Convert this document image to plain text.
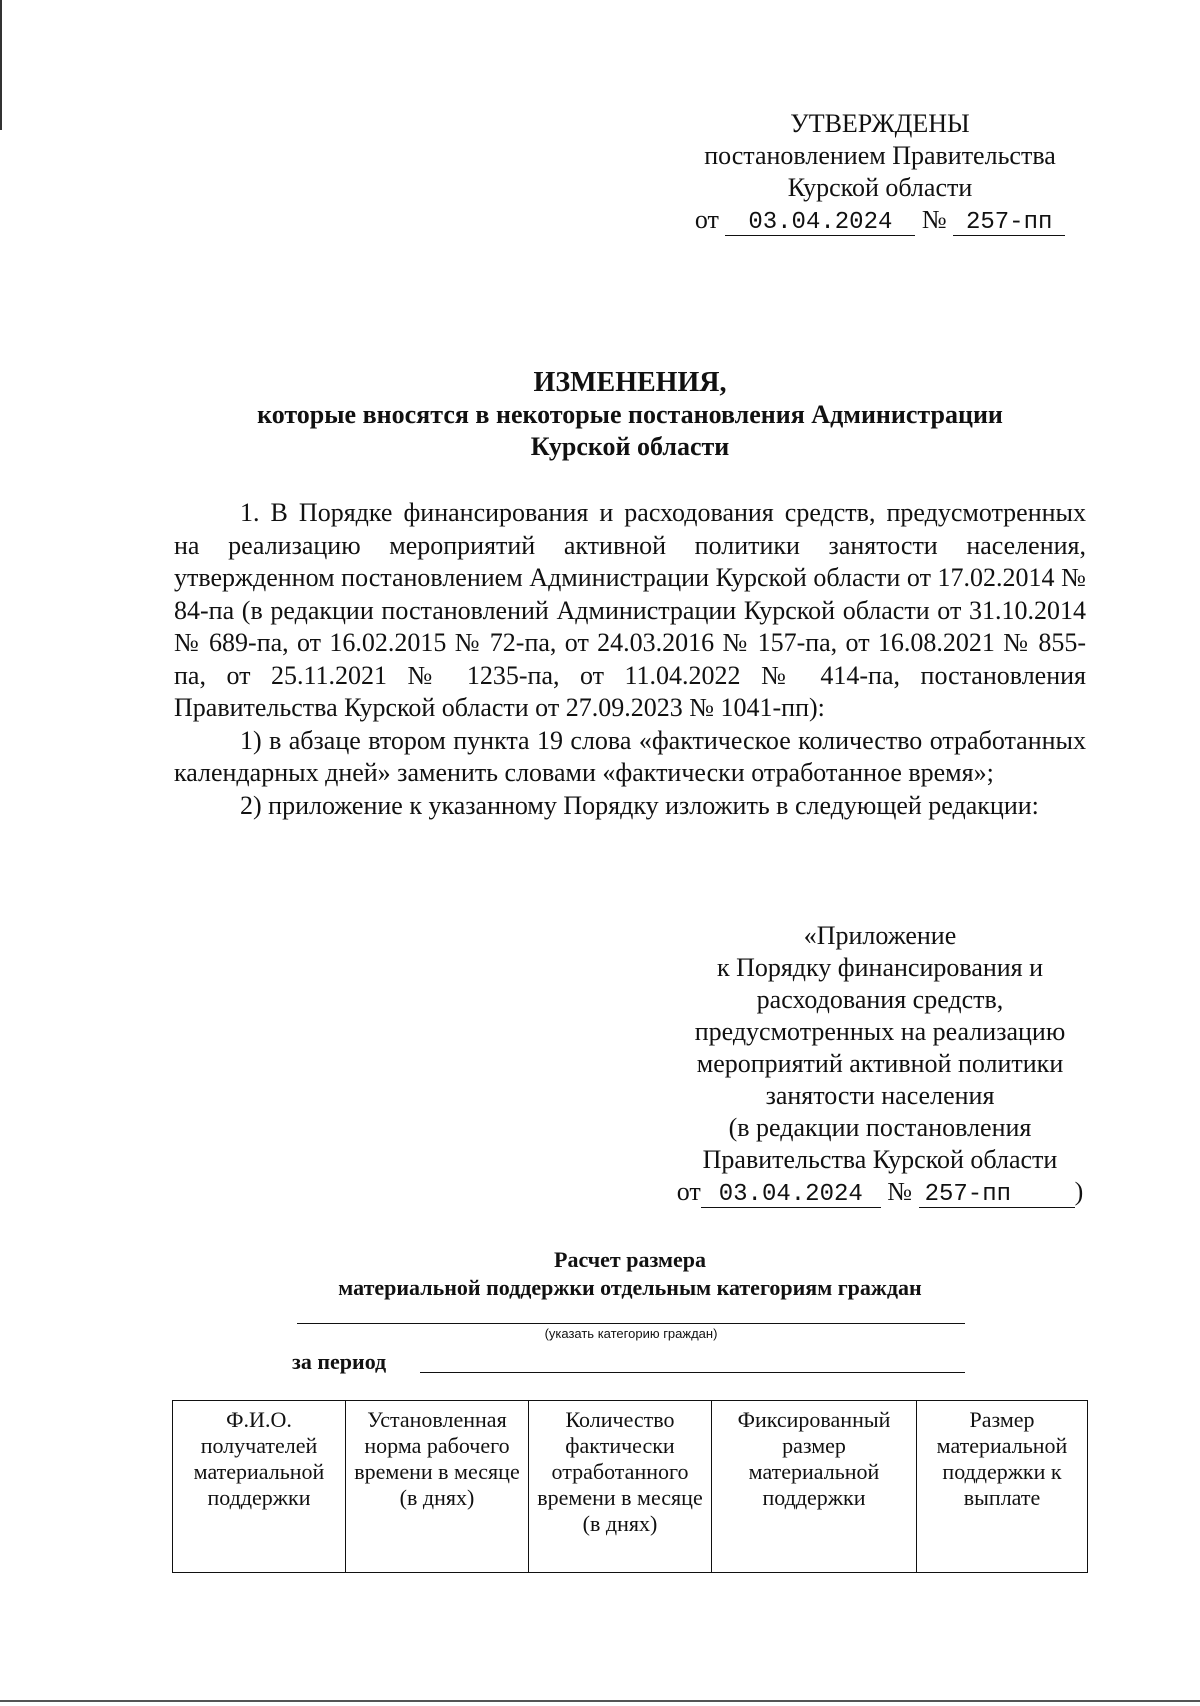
УТВЕРЖДЕНЫ
постановлением Правительства
Курской области
от 03.04.2024 № 257-пп
ИЗМЕНЕНИЯ,
которые вносятся в некоторые постановления Администрации
Курской области

1. В Порядке финансирования и расходования средств, предусмотренных на реализацию мероприятий активной политики занятости населения, утвержденном постановлением Администрации Курской области от 17.02.2014 № 84-па (в редакции постановлений Администрации Курской области от 31.10.2014 № 689-па, от 16.02.2015 № 72-па, от 24.03.2016 № 157-па, от 16.08.2021 № 855-па, от 25.11.2021 № 1235-па, от 11.04.2022 № 414-па, постановления Правительства Курской области от 27.09.2023 № 1041-пп):

1) в абзаце втором пункта 19 слова «фактическое количество отработанных календарных дней» заменить словами «фактически отработанное время»;

2) приложение к указанному Порядку изложить в следующей редакции:

«Приложение
к Порядку финансирования и
расходования средств,
предусмотренных на реализацию
мероприятий активной политики
занятости населения
(в редакции постановления
Правительства Курской области
от 03.04.2024 № 257-пп )
Расчет размера
материальной поддержки отдельным категориям граждан
(указать категорию граждан)
за период
Ф.И.О. получателей материальной поддержки	Установленная норма рабочего времени в месяце (в днях)	Количество фактически отработанного времени в месяце (в днях)	Фиксированный размер материальной поддержки	Размер материальной поддержки к выплате
